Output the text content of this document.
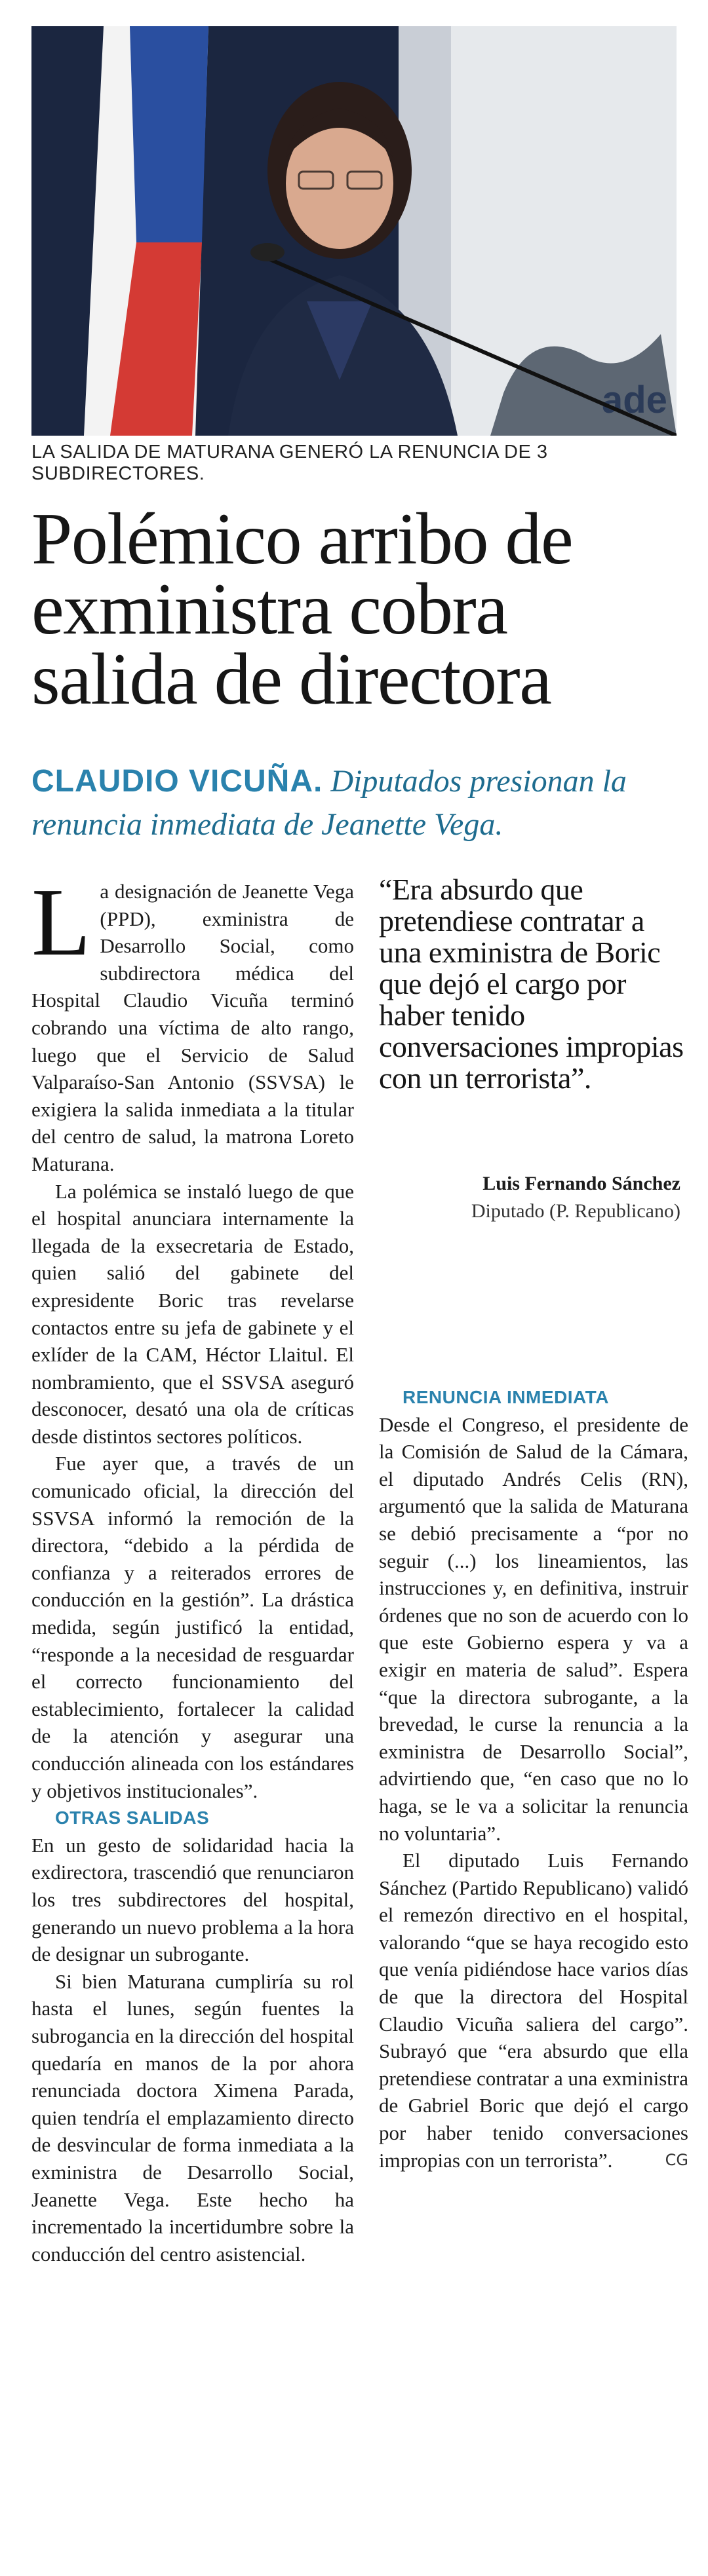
ade
LA SALIDA DE MATURANA GENERÓ LA RENUNCIA DE 3 SUBDIRECTORES.
Polémico arribo de exministra cobra salida de directora

CLAUDIO VICUÑA. Diputados presionan la renuncia inmediata de Jeanette Vega.

La designación de Jeanette Vega (PPD), exministra de Desarrollo Social, como subdirectora médica del Hospital Claudio Vicuña terminó cobrando una víctima de alto rango, luego que el Servicio de Salud Valparaíso-San Antonio (SSVSA) le exigiera la salida inmediata a la titular del centro de salud, la matrona Loreto Maturana.

La polémica se instaló luego de que el hospital anunciara internamente la llegada de la exsecretaria de Estado, quien salió del gabinete del expresidente Boric tras revelarse contactos entre su jefa de gabinete y el exlíder de la CAM, Héctor Llaitul. El nombramiento, que el SSVSA aseguró desconocer, desató una ola de críticas desde distintos sectores políticos.

Fue ayer que, a través de un comunicado oficial, la dirección del SSVSA informó la remoción de la directora, “debido a la pérdida de confianza y a reiterados errores de conducción en la gestión”. La drástica medida, según justificó la entidad, “responde a la necesidad de resguardar el correcto funcionamiento del establecimiento, fortalecer la calidad de la atención y asegurar una conducción alineada con los estándares y objetivos institucionales”.

OTRAS SALIDAS

En un gesto de solidaridad hacia la exdirectora, trascendió que renunciaron los tres subdirectores del hospital, generando un nuevo problema a la hora de designar un subrogante.

Si bien Maturana cumpliría su rol hasta el lunes, según fuentes la subrogancia en la dirección del hospital quedaría en manos de la por ahora renunciada doctora Ximena Parada, quien tendría el emplazamiento directo de desvincular de forma inmediata a la exministra de Desarrollo Social, Jeanette Vega. Este hecho ha incrementado la incertidumbre sobre la conducción del centro asistencial.

“Era absurdo que pretendiese contratar a una exministra de Boric que dejó el cargo por haber tenido conversaciones impropias con un terrorista”.

Luis Fernando Sánchez
Diputado (P. Republicano)

RENUNCIA INMEDIATA

Desde el Congreso, el presidente de la Comisión de Salud de la Cámara, el diputado Andrés Celis (RN), argumentó que la salida de Maturana se debió precisamente a “por no seguir (...) los lineamientos, las instrucciones y, en definitiva, instruir órdenes que no son de acuerdo con lo que este Gobierno espera y va a exigir en materia de salud”. Espera “que la directora subrogante, a la brevedad, le curse la renuncia a la exministra de Desarrollo Social”, advirtiendo que, “en caso que no lo haga, se le va a solicitar la renuncia no voluntaria”.

El diputado Luis Fernando Sánchez (Partido Republicano) validó el remezón directivo en el hospital, valorando “que se haya recogido esto que venía pidiéndose hace varios días de que la directora del Hospital Claudio Vicuña saliera del cargo”. Subrayó que “era absurdo que ella pretendiese contratar a una exministra de Gabriel Boric que dejó el cargo por haber tenido conversaciones impropias con un terrorista”.	CG
